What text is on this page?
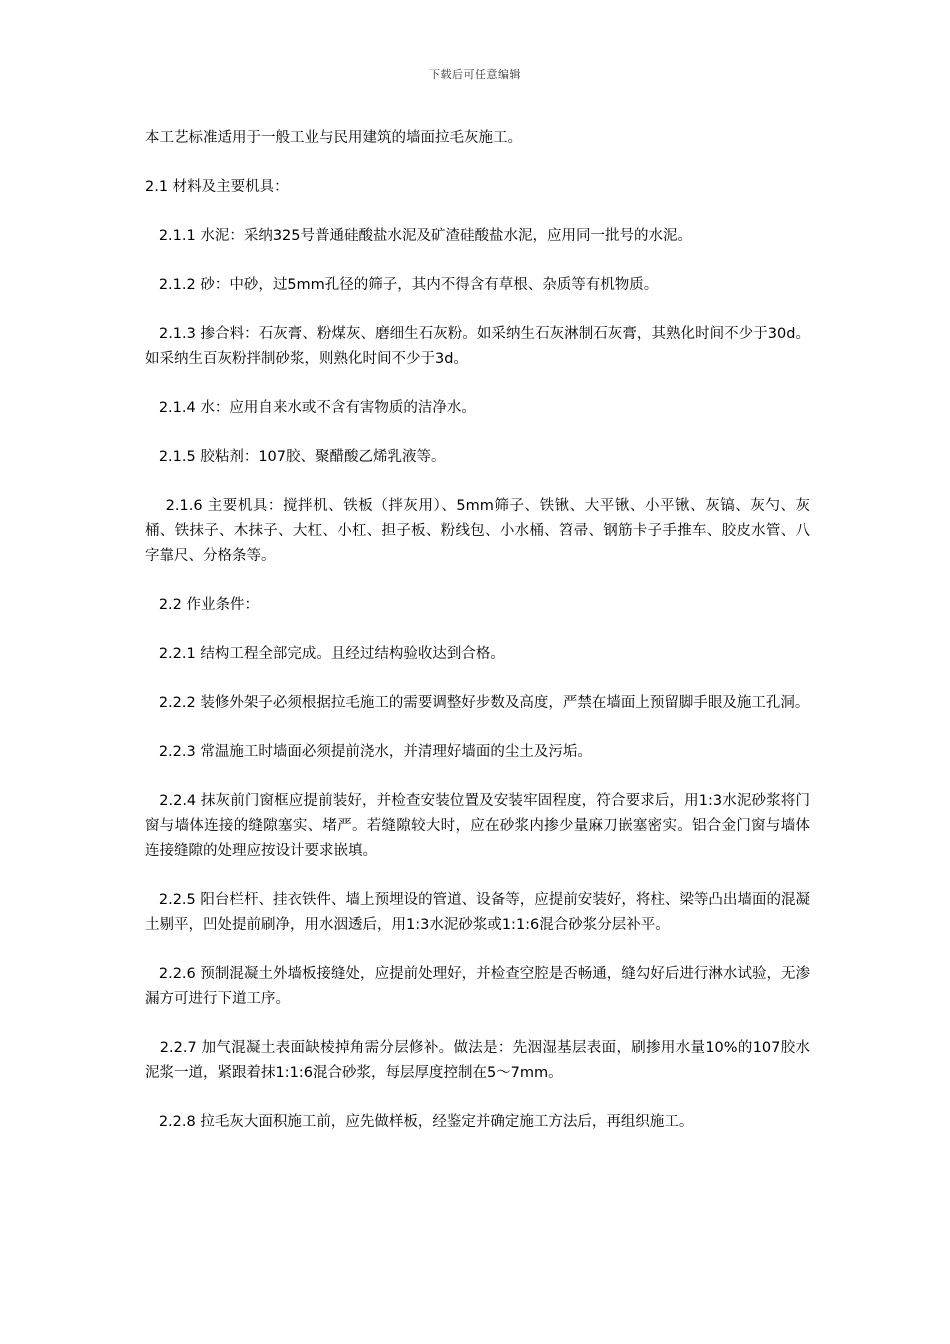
下载后可任意编辑

本工艺标准适用于一般工业与民用建筑的墙面拉毛灰施工。

2.1 材料及主要机具：

2.1.1 水泥：采纳325号普通硅酸盐水泥及矿渣硅酸盐水泥，应用同一批号的水泥。

2.1.2 砂：中砂，过5mm孔径的筛子，其内不得含有草根、杂质等有机物质。

2.1.3 掺合料：石灰膏、粉煤灰、磨细生石灰粉。如采纳生石灰淋制石灰膏，其熟化时间不少于30d。如采纳生百灰粉拌制砂浆，则熟化时间不少于3d。

2.1.4 水：应用自来水或不含有害物质的洁净水。

2.1.5 胶粘剂：107胶、聚醋酸乙烯乳液等。

2.1.6 主要机具：搅拌机、铁板（拌灰用）、5mm筛子、铁锹、大平锹、小平锹、灰镐、灰勺、灰桶、铁抹子、木抹子、大杠、小杠、担子板、粉线包、小水桶、笤帚、钢筋卡子手推车、胶皮水管、八字靠尺、分格条等。

2.2 作业条件：

2.2.1 结构工程全部完成。且经过结构验收达到合格。

2.2.2 装修外架子必须根据拉毛施工的需要调整好步数及高度，严禁在墙面上预留脚手眼及施工孔洞。

2.2.3 常温施工时墙面必须提前浇水，并清理好墙面的尘土及污垢。

2.2.4 抹灰前门窗框应提前装好，并检查安装位置及安装牢固程度，符合要求后，用1:3水泥砂浆将门窗与墙体连接的缝隙塞实、堵严。若缝隙较大时，应在砂浆内掺少量麻刀嵌塞密实。铝合金门窗与墙体连接缝隙的处理应按设计要求嵌填。

2.2.5 阳台栏杆、挂衣铁件、墙上预埋设的管道、设备等，应提前安装好，将柱、梁等凸出墙面的混凝土剔平，凹处提前刷净，用水洇透后，用1:3水泥砂浆或1:1:6混合砂浆分层补平。

2.2.6 预制混凝土外墙板接缝处，应提前处理好，并检查空腔是否畅通，缝勾好后进行淋水试验，无渗漏方可进行下道工序。

2.2.7 加气混凝土表面缺棱掉角需分层修补。做法是：先洇湿基层表面，刷掺用水量10%的107胶水泥浆一道，紧跟着抹1:1:6混合砂浆，每层厚度控制在5～7mm。

2.2.8 拉毛灰大面积施工前，应先做样板，经鉴定并确定施工方法后，再组织施工。
